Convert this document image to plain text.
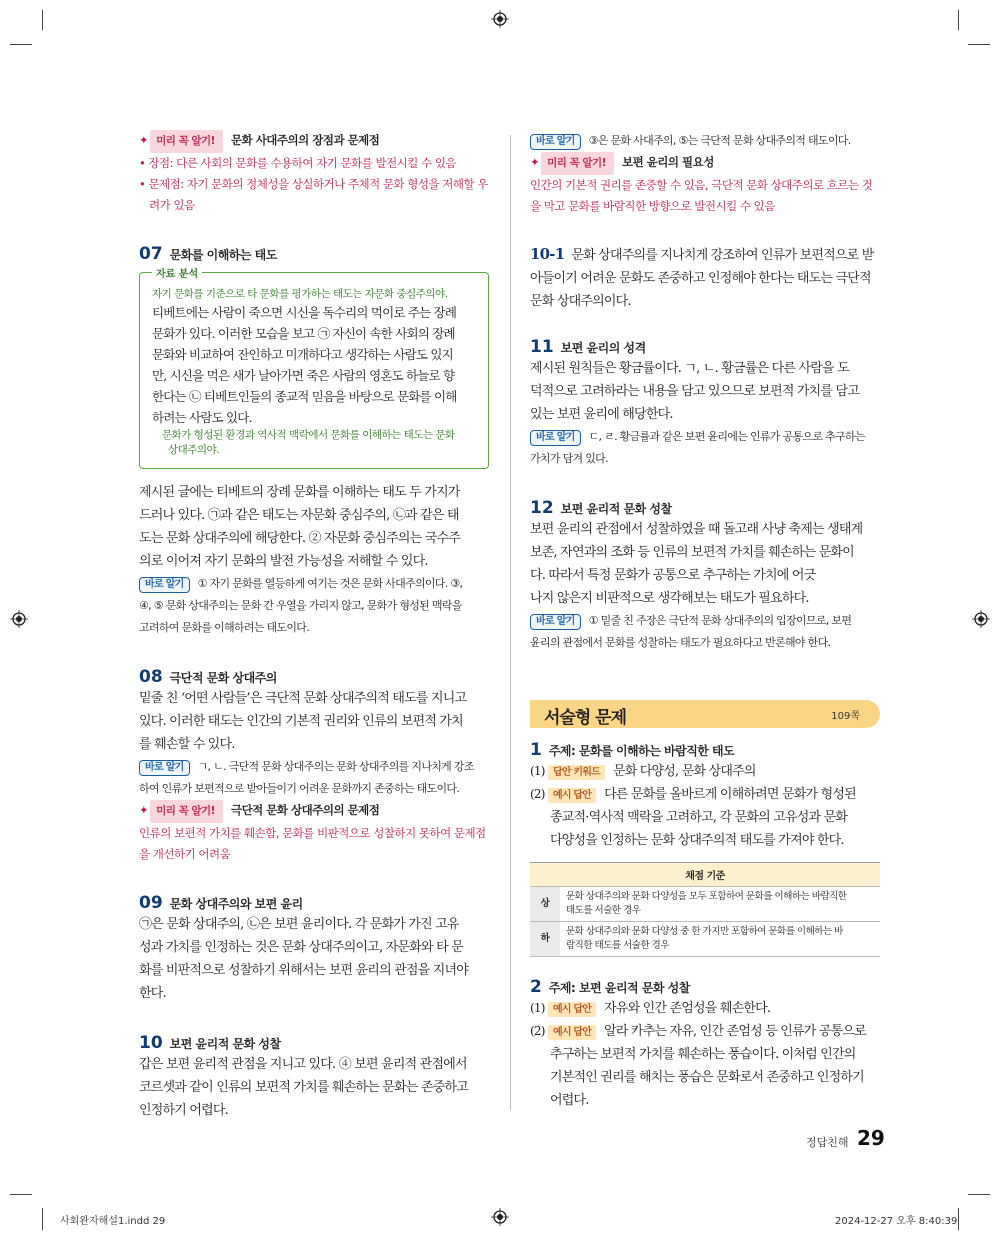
✦ 미리 꼭 알기! 문화 사대주의의 장점과 문제점
• 장점: 다른 사회의 문화를 수용하여 자기 문화를 발전시킬 수 있음
• 문제점: 자기 문화의 정체성을 상실하거나 주체적 문화 형성을 저해할 우
려가 있음
07 문화를 이해하는 태도
자료 분석
자기 문화를 기준으로 타 문화를 평가하는 태도는 자문화 중심주의야.
티베트에는 사람이 죽으면 시신을 독수리의 먹이로 주는 장례
문화가 있다. 이러한 모습을 보고 ㉠ 자신이 속한 사회의 장례
문화와 비교하여 잔인하고 미개하다고 생각하는 사람도 있지
만, 시신을 먹은 새가 날아가면 죽은 사람의 영혼도 하늘로 향
한다는 ㉡ 티베트인들의 종교적 믿음을 바탕으로 문화를 이해
하려는 사람도 있다.
문화가 형성된 환경과 역사적 맥락에서 문화를 이해하는 태도는 문화
상대주의야.
제시된 글에는 티베트의 장례 문화를 이해하는 태도 두 가지가
드러나 있다. ㉠과 같은 태도는 자문화 중심주의, ㉡과 같은 태
도는 문화 상대주의에 해당한다. ② 자문화 중심주의는 국수주
의로 이어져 자기 문화의 발전 가능성을 저해할 수 있다.
바로 알기 ① 자기 문화를 열등하게 여기는 것은 문화 사대주의이다. ③,
④, ⑤ 문화 상대주의는 문화 간 우열을 가리지 않고, 문화가 형성된 맥락을
고려하여 문화를 이해하려는 태도이다.
08 극단적 문화 상대주의
밑줄 친 ‘어떤 사람들’은 극단적 문화 상대주의적 태도를 지니고
있다. 이러한 태도는 인간의 기본적 권리와 인류의 보편적 가치
를 훼손할 수 있다.
바로 알기 ㄱ, ㄴ. 극단적 문화 상대주의는 문화 상대주의를 지나치게 강조
하여 인류가 보편적으로 받아들이기 어려운 문화까지 존중하는 태도이다.
✦ 미리 꼭 알기! 극단적 문화 상대주의의 문제점
인류의 보편적 가치를 훼손함, 문화를 비판적으로 성찰하지 못하여 문제점
을 개선하기 어려움
09 문화 상대주의와 보편 윤리
㉠은 문화 상대주의, ㉡은 보편 윤리이다. 각 문화가 가진 고유
성과 가치를 인정하는 것은 문화 상대주의이고, 자문화와 타 문
화를 비판적으로 성찰하기 위해서는 보편 윤리의 관점을 지녀야
한다.
10 보편 윤리적 문화 성찰
갑은 보편 윤리적 관점을 지니고 있다. ④ 보편 윤리적 관점에서
코르셋과 같이 인류의 보편적 가치를 훼손하는 문화는 존중하고
인정하기 어렵다.
바로 알기 ③은 문화 사대주의, ⑤는 극단적 문화 상대주의적 태도이다.
✦ 미리 꼭 알기! 보편 윤리의 필요성
인간의 기본적 권리를 존중할 수 있음, 극단적 문화 상대주의로 흐르는 것
을 막고 문화를 바람직한 방향으로 발전시킬 수 있음
10-1 문화 상대주의를 지나치게 강조하여 인류가 보편적으로 받
아들이기 어려운 문화도 존중하고 인정해야 한다는 태도는 극단적
문화 상대주의이다.
11 보편 윤리의 성격
제시된 원칙들은 황금률이다. ㄱ, ㄴ. 황금률은 다른 사람을 도
덕적으로 고려하라는 내용을 담고 있으므로 보편적 가치를 담고
있는 보편 윤리에 해당한다.
바로 알기 ㄷ, ㄹ. 황금률과 같은 보편 윤리에는 인류가 공통으로 추구하는
가치가 담겨 있다.
12 보편 윤리적 문화 성찰
보편 윤리의 관점에서 성찰하였을 때 돌고래 사냥 축제는 생태계
보존, 자연과의 조화 등 인류의 보편적 가치를 훼손하는 문화이
다. 따라서 특정 문화가 공통으로 추구하는 가치에 어긋
나지 않은지 비판적으로 생각해보는 태도가 필요하다.
바로 알기 ① 밑줄 친 주장은 극단적 문화 상대주의의 입장이므로, 보편
윤리의 관점에서 문화를 성찰하는 태도가 필요하다고 반론해야 한다.
서술형 문제	109쪽
1 주제: 문화를 이해하는 바람직한 태도
(1) 답안 키워드 문화 다양성, 문화 상대주의
(2) 예시 답안 다른 문화를 올바르게 이해하려면 문화가 형성된
종교적·역사적 맥락을 고려하고, 각 문화의 고유성과 문화
다양성을 인정하는 문화 상대주의적 태도를 가져야 한다.
채점 기준	
상	문화 상대주의와 문화 다양성을 모두 포함하여 문화를 이해하는 바람직한
태도를 서술한 경우

하	문화 상대주의와 문화 다양성 중 한 가지만 포함하여 문화를 이해하는 바
람직한 태도를 서술한 경우
2 주제: 보편 윤리적 문화 성찰
(1) 예시 답안 자유와 인간 존엄성을 훼손한다.
(2) 예시 답안 알라 카추는 자유, 인간 존엄성 등 인류가 공통으로
추구하는 보편적 가치를 훼손하는 풍습이다. 이처럼 인간의
기본적인 권리를 해치는 풍습은 문화로서 존중하고 인정하기
어렵다.
정답친해 29
사회완자해설1.indd 29	2024-12-27 오후 8:40:39
